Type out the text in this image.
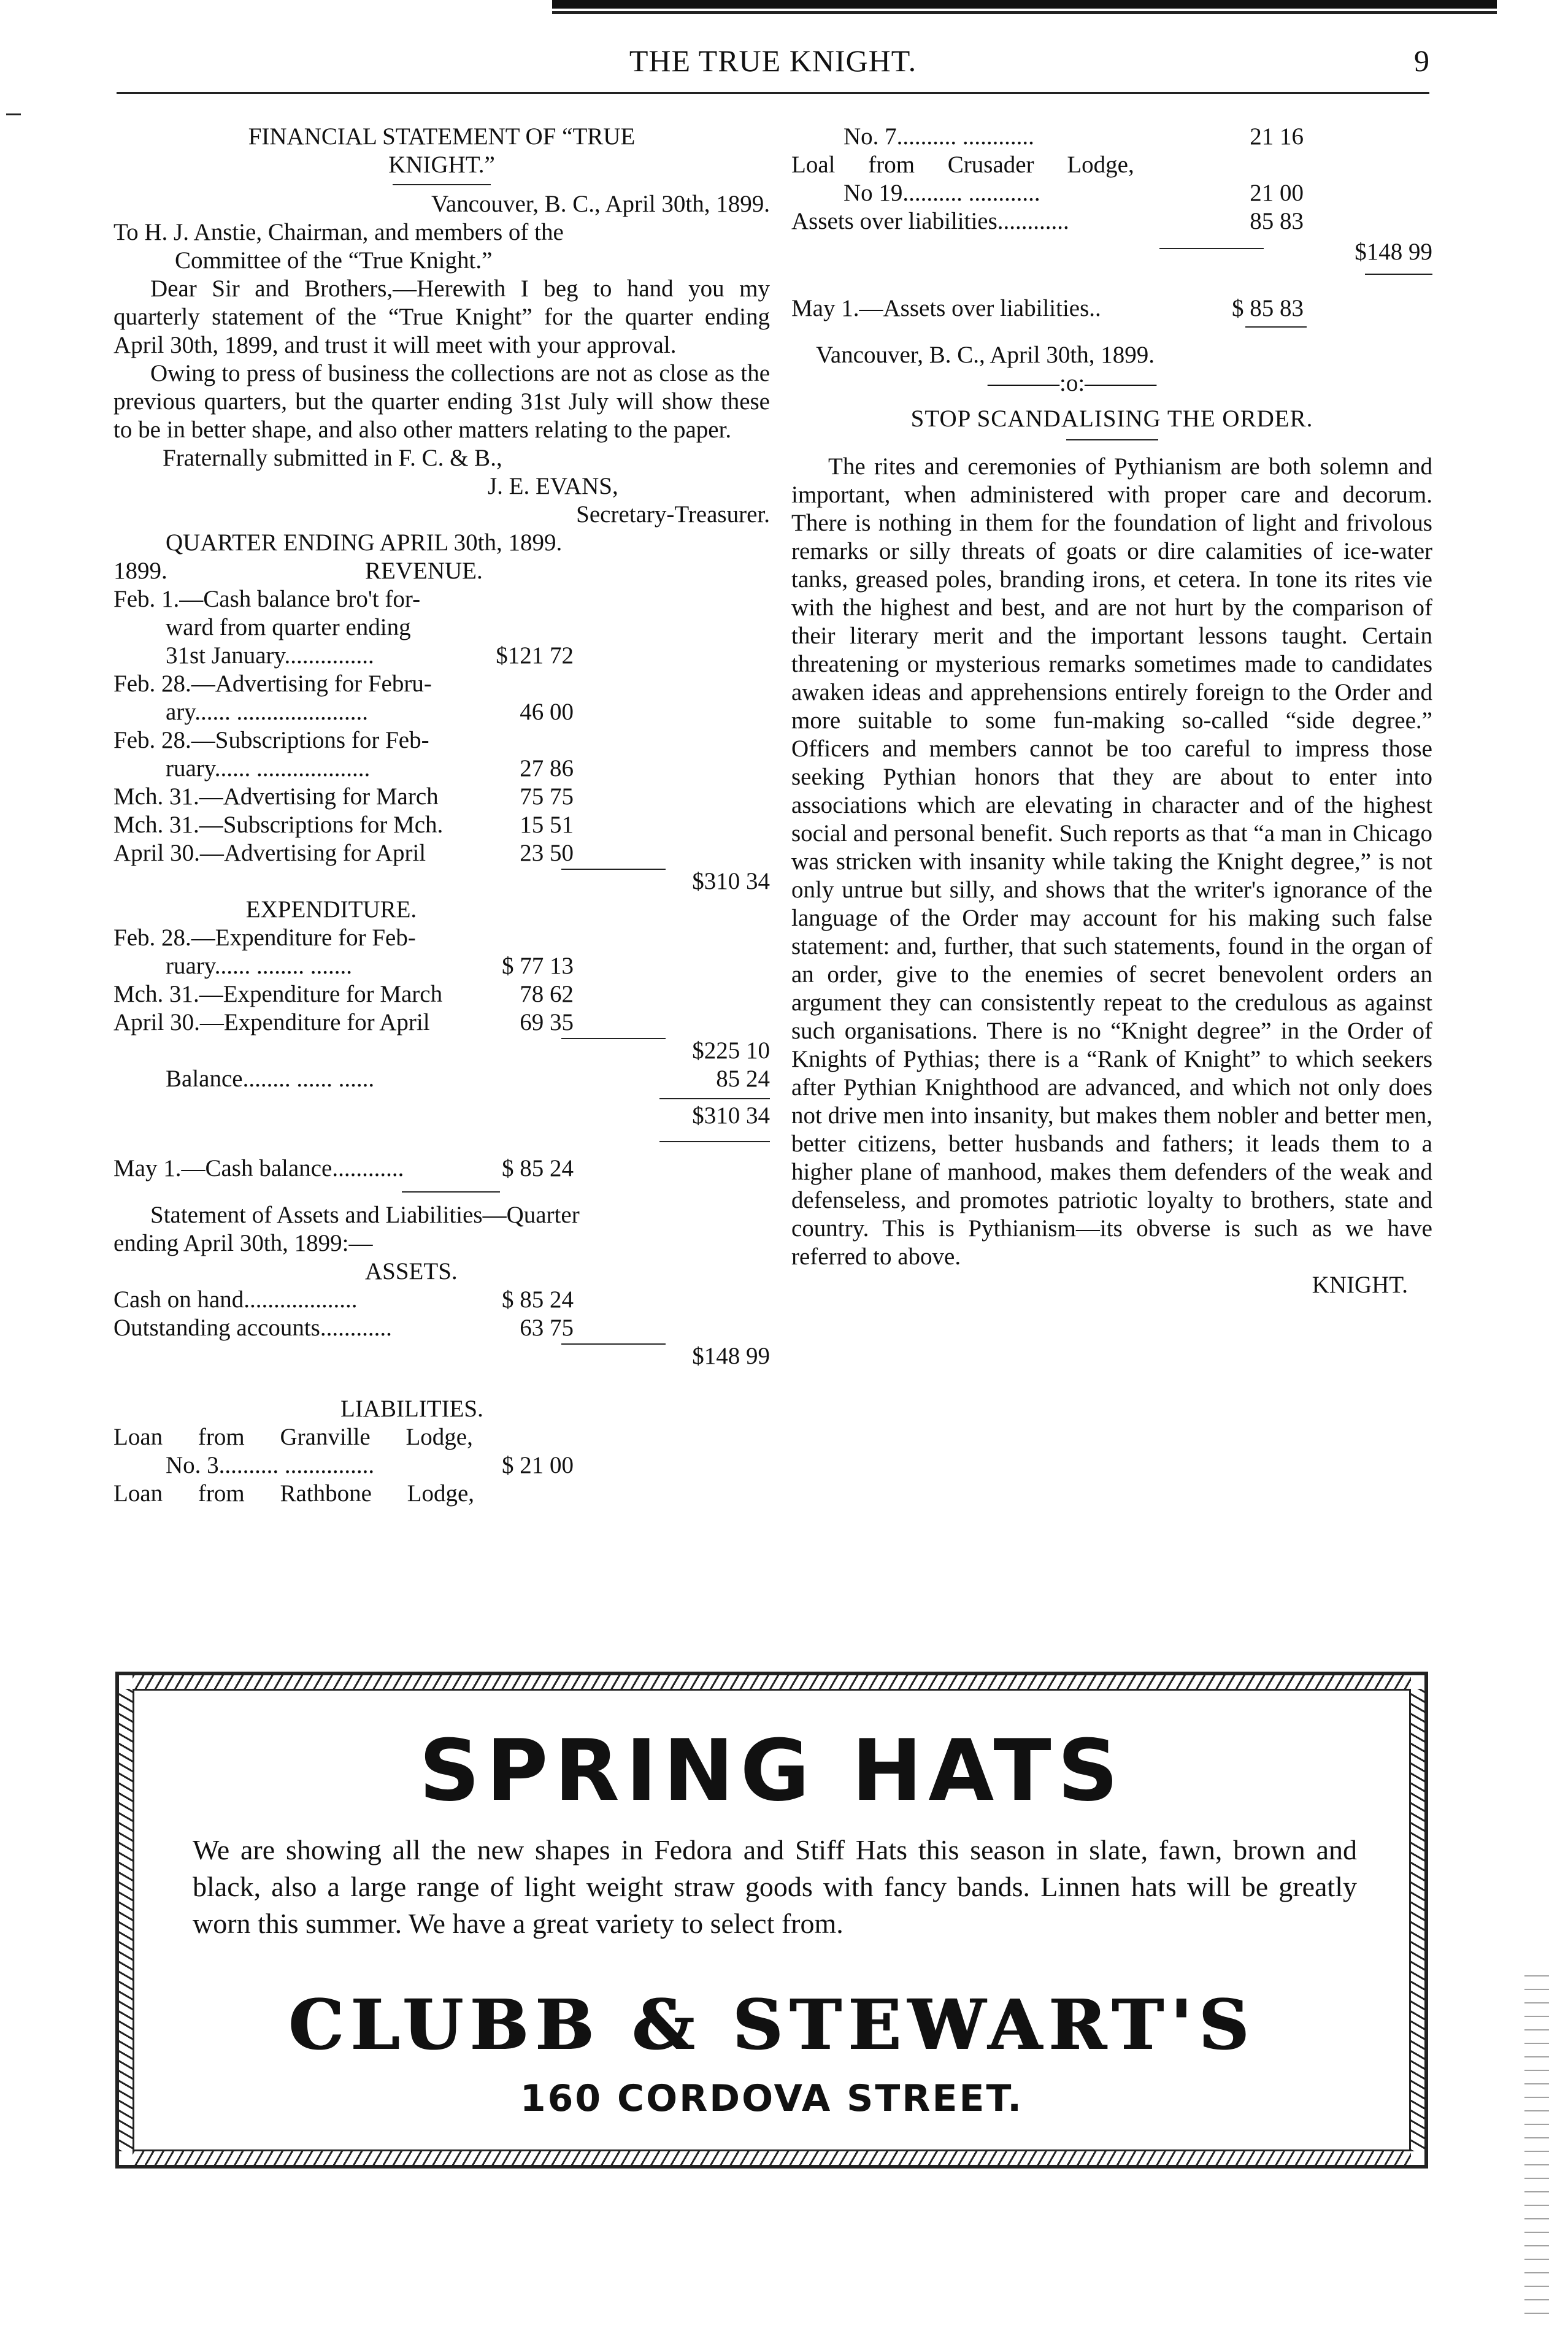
THE TRUE KNIGHT.	9
FINANCIAL STATEMENT OF “TRUE
KNIGHT.”
Vancouver, B. C., April 30th, 1899.
To H. J. Anstie, Chairman, and members of the
Committee of the “True Knight.”
Dear Sir and Brothers,—Herewith I beg to hand you my quarterly statement of the “True Knight” for the quarter ending April 30th, 1899, and trust it will meet with your approval.
Owing to press of business the collections are not as close as the previous quarters, but the quarter ending 31st July will show these to be in better shape, and also other matters relating to the paper.
Fraternally submitted in F. C. & B.,
J. E. EVANS,
Secretary-Treasurer.
QUARTER ENDING APRIL 30th, 1899.
1899.	REVENUE.
Feb. 1.—Cash balance bro't for-
ward from quarter ending
31st January...............	$121 72
Feb. 28.—Advertising for Febru-
ary...... ......................	46 00
Feb. 28.—Subscriptions for Feb-
ruary...... ...................	27 86
Mch. 31.—Advertising for March	75 75
Mch. 31.—Subscriptions for Mch.	15 51
April 30.—Advertising for April	23 50
$310 34
EXPENDITURE.
Feb. 28.—Expenditure for Feb-
ruary...... ........ .......	$ 77 13
Mch. 31.—Expenditure for March	78 62
April 30.—Expenditure for April	69 35
$225 10
Balance........ ...... ......	85 24
$310 34
May 1.—Cash balance............	$ 85 24
Statement of Assets and Liabilities—Quarter
ending April 30th, 1899:—
ASSETS.
Cash on hand...................	$ 85 24
Outstanding accounts............	63 75
$148 99
LIABILITIES.
Loan from Granville Lodge,
No. 3.......... ...............	$ 21 00
Loan from Rathbone Lodge,
No. 7.......... ............	21 16
Loal from Crusader Lodge,
No 19.......... ............	21 00
Assets over liabilities............	85 83
$148 99
May 1.—Assets over liabilities..	$ 85 83
Vancouver, B. C., April 30th, 1899.
———:o:———
STOP SCANDALISING THE ORDER.
The rites and ceremonies of Pythianism are both solemn and important, when administered with proper care and decorum. There is nothing in them for the foundation of light and frivolous remarks or silly threats of goats or dire calamities of ice-water tanks, greased poles, branding irons, et cetera. In tone its rites vie with the highest and best, and are not hurt by the comparison of their literary merit and the important lessons taught. Certain threatening or mysterious remarks sometimes made to candidates awaken ideas and apprehensions entirely foreign to the Order and more suitable to some fun-making so-called “side degree.” Officers and members cannot be too careful to impress those seeking Pythian honors that they are about to enter into associations which are elevating in character and of the highest social and personal benefit. Such reports as that “a man in Chicago was stricken with insanity while taking the Knight degree,” is not only untrue but silly, and shows that the writer's ignorance of the language of the Order may account for his making such false statement: and, further, that such statements, found in the organ of an order, give to the enemies of secret benevolent orders an argument they can consistently repeat to the credulous as against such organisations. There is no “Knight degree” in the Order of Knights of Pythias; there is a “Rank of Knight” to which seekers after Pythian Knighthood are advanced, and which not only does not drive men into insanity, but makes them nobler and better men, better citizens, better husbands and fathers; it leads them to a higher plane of manhood, makes them defenders of the weak and defenseless, and promotes patriotic loyalty to brothers, state and country. This is Pythianism—its obverse is such as we have referred to above.
KNIGHT.
SPRING HATS
We are showing all the new shapes in Fedora and Stiff Hats this season in slate, fawn, brown and black, also a large range of light weight straw goods with fancy bands. Linnen hats will be greatly worn this summer. We have a great variety to select from.
CLUBB & STEWART'S
160 CORDOVA STREET.
